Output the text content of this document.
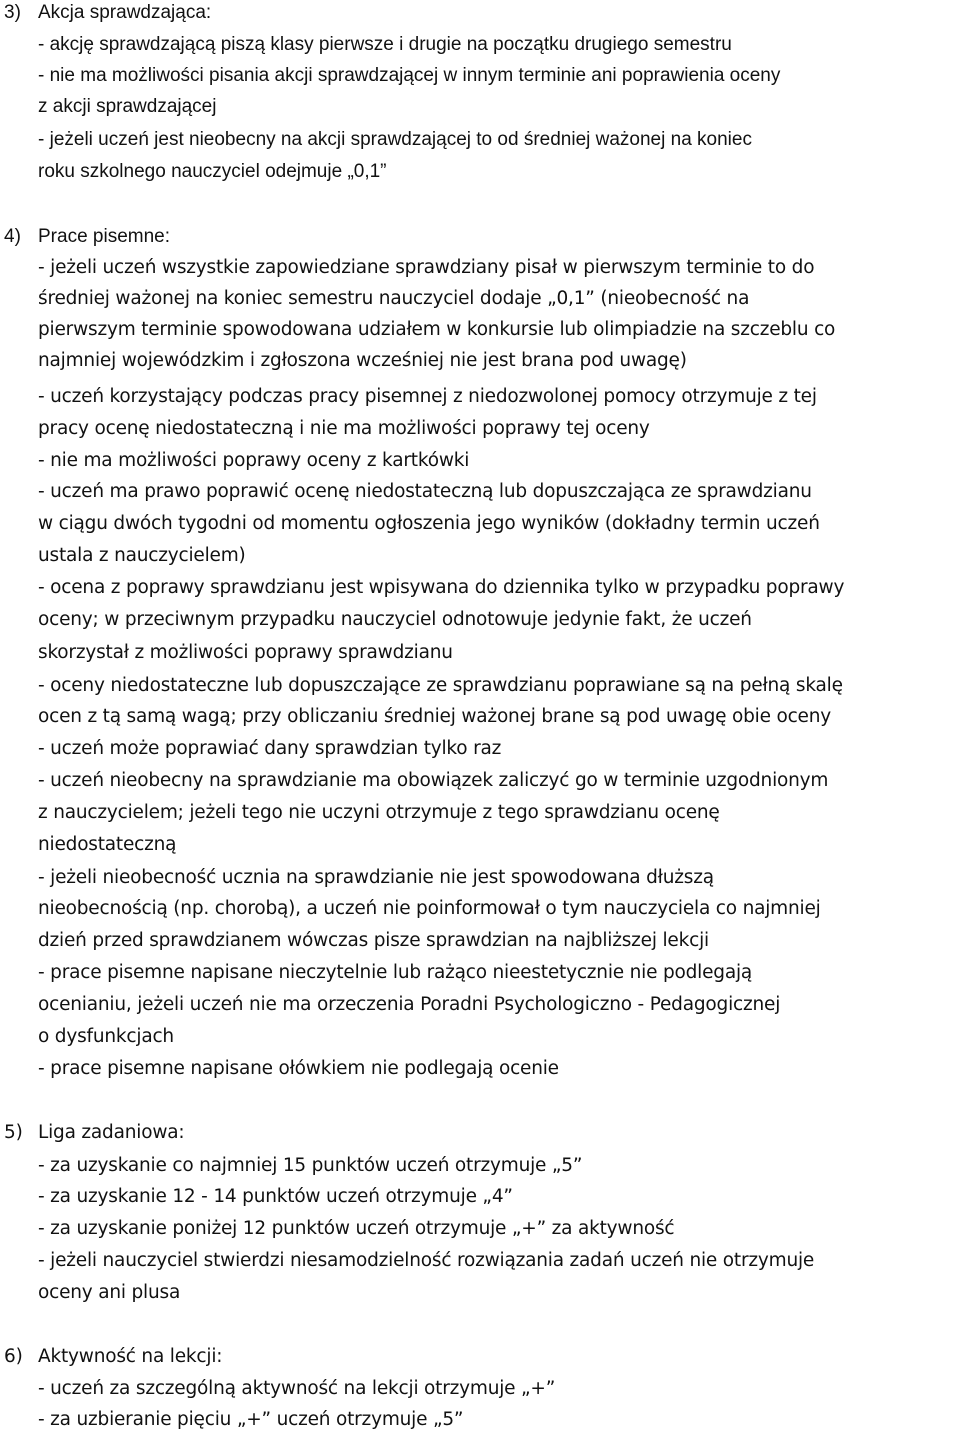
3) Akcja sprawdzająca:
- akcję sprawdzającą piszą klasy pierwsze i drugie na początku drugiego semestru
- nie ma możliwości pisania akcji sprawdzającej w innym terminie ani poprawienia oceny
z akcji sprawdzającej
- jeżeli uczeń jest nieobecny na akcji sprawdzającej to od średniej ważonej na koniec
roku szkolnego nauczyciel odejmuje „0,1”
4) Prace pisemne:
- jeżeli uczeń wszystkie zapowiedziane sprawdziany pisał w pierwszym terminie to do
średniej ważonej na koniec semestru nauczyciel dodaje „0,1” (nieobecność na
pierwszym terminie spowodowana udziałem w konkursie lub olimpiadzie na szczeblu co
najmniej wojewódzkim i zgłoszona wcześniej nie jest brana pod uwagę)
- uczeń korzystający podczas pracy pisemnej z niedozwolonej pomocy otrzymuje z tej
pracy ocenę niedostateczną i nie ma możliwości poprawy tej oceny
- nie ma możliwości poprawy oceny z kartkówki
- uczeń ma prawo poprawić ocenę niedostateczną lub dopuszczająca ze sprawdzianu
w ciągu dwóch tygodni od momentu ogłoszenia jego wyników (dokładny termin uczeń
ustala z nauczycielem)
- ocena z poprawy sprawdzianu jest wpisywana do dziennika tylko w przypadku poprawy
oceny; w przeciwnym przypadku nauczyciel odnotowuje jedynie fakt, że uczeń
skorzystał z możliwości poprawy sprawdzianu
- oceny niedostateczne lub dopuszczające ze sprawdzianu poprawiane są na pełną skalę
ocen z tą samą wagą; przy obliczaniu średniej ważonej brane są pod uwagę obie oceny
- uczeń może poprawiać dany sprawdzian tylko raz
- uczeń nieobecny na sprawdzianie ma obowiązek zaliczyć go w terminie uzgodnionym
z nauczycielem; jeżeli tego nie uczyni otrzymuje z tego sprawdzianu ocenę
niedostateczną
- jeżeli nieobecność ucznia na sprawdzianie nie jest spowodowana dłuższą
nieobecnością (np. chorobą), a uczeń nie poinformował o tym nauczyciela co najmniej
dzień przed sprawdzianem wówczas pisze sprawdzian na najbliższej lekcji
- prace pisemne napisane nieczytelnie lub rażąco nieestetycznie nie podlegają
ocenianiu, jeżeli uczeń nie ma orzeczenia Poradni Psychologiczno - Pedagogicznej
o dysfunkcjach
- prace pisemne napisane ołówkiem nie podlegają ocenie
5) Liga zadaniowa:
- za uzyskanie co najmniej 15 punktów uczeń otrzymuje „5”
- za uzyskanie 12 - 14 punktów uczeń otrzymuje „4”
- za uzyskanie poniżej 12 punktów uczeń otrzymuje „+” za aktywność
- jeżeli nauczyciel stwierdzi niesamodzielność rozwiązania zadań uczeń nie otrzymuje
oceny ani plusa
6) Aktywność na lekcji:
- uczeń za szczególną aktywność na lekcji otrzymuje „+”
- za uzbieranie pięciu „+” uczeń otrzymuje „5”
